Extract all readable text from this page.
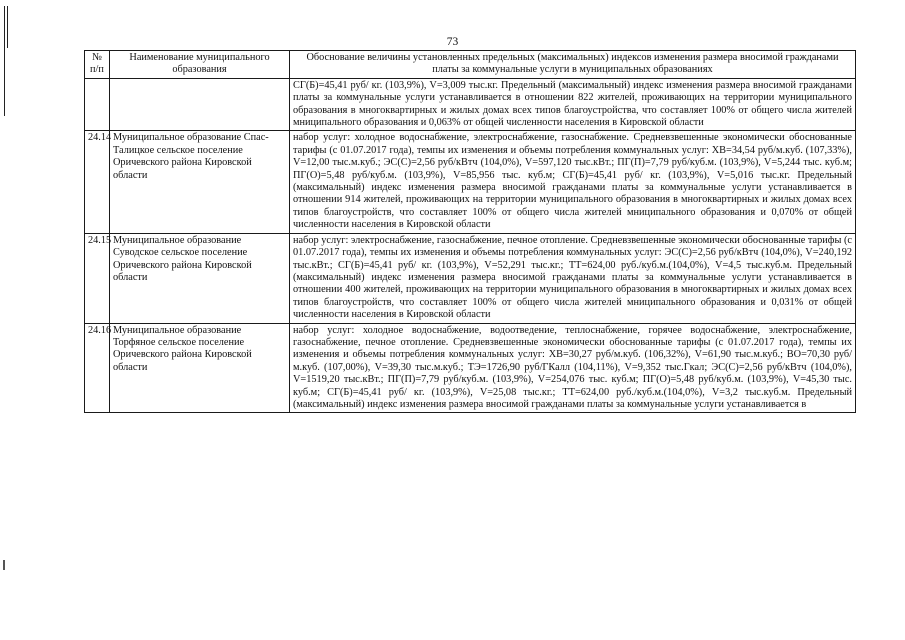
73
№ п/п	Наименование муниципального образования	Обоснование величины установленных предельных (максимальных) индексов изменения размера вносимой гражданами платы за коммунальные услуги в муниципальных образованиях
		СГ(Б)=45,41 руб/ кг. (103,9%), V=3,009 тыс.кг. Предельный (максимальный) индекс изменения размера вносимой гражданами платы за коммунальные услуги устанавливается в отношении 822 жителей, проживающих на территории муниципального образования в многоквартирных и жилых домах всех типов благоустройства, что составляет 100% от общего числа жителей мниципального образования и 0,063% от общей численности населения в Кировской области
24.14	Муниципальное образование Спас-Талицкое сельское поселение Оричевского района Кировской области	набор услуг: холодное водоснабжение, электроснабжение, газоснабжение. Средневзвешенные экономически обоснованные тарифы (с 01.07.2017 года), темпы их изменения и объемы потребления коммунальных услуг: ХВ=34,54 руб/м.куб. (107,33%), V=12,00 тыс.м.куб.; ЭС(С)=2,56 руб/кВтч (104,0%), V=597,120 тыс.кВт.; ПГ(П)=7,79 руб/куб.м. (103,9%), V=5,244 тыс. куб.м; ПГ(О)=5,48 руб/куб.м. (103,9%), V=85,956 тыс. куб.м; СГ(Б)=45,41 руб/ кг. (103,9%), V=5,016 тыс.кг. Предельный (максимальный) индекс изменения размера вносимой гражданами платы за коммунальные услуги устанавливается в отношении 914 жителей, проживающих на территории муниципального образования в многоквартирных и жилых домах всех типов благоустройств, что составляет 100% от общего числа жителей мниципального образования и 0,070% от общей численности населения в Кировской области
24.15	Муниципальное образование Суводское сельское поселение Оричевского района Кировской области	набор услуг: электроснабжение, газоснабжение, печное отопление. Средневзвешенные экономически обоснованные тарифы (с 01.07.2017 года), темпы их изменения и объемы потребления коммунальных услуг: ЭС(С)=2,56 руб/кВтч (104,0%), V=240,192 тыс.кВт.; СГ(Б)=45,41 руб/ кг. (103,9%), V=52,291 тыс.кг.; ТТ=624,00 руб./куб.м.(104,0%), V=4,5 тыс.куб.м. Предельный (максимальный) индекс изменения размера вносимой гражданами платы за коммунальные услуги устанавливается в отношении 400 жителей, проживающих на территории муниципального образования в многоквартирных и жилых домах всех типов благоустройств, что составляет 100% от общего числа жителей мниципального образования и 0,031% от общей численности населения в Кировской области
24.16	Муниципальное образование Торфяное сельское поселение Оричевского района Кировской области	набор услуг: холодное водоснабжение, водоотведение, теплоснабжение, горячее водоснабжение, электроснабжение, газоснабжение, печное отопление. Средневзвешенные экономически обоснованные тарифы (с 01.07.2017 года), темпы их изменения и объемы потребления коммунальных услуг: ХВ=30,27 руб/м.куб. (106,32%), V=61,90 тыс.м.куб.; ВО=70,30 руб/м.куб. (107,00%), V=39,30 тыс.м.куб.; ТЭ=1726,90 руб/ГКалл (104,11%), V=9,352 тыс.Гкал; ЭС(С)=2,56 руб/кВтч (104,0%), V=1519,20 тыс.кВт.; ПГ(П)=7,79 руб/куб.м. (103,9%), V=254,076 тыс. куб.м; ПГ(О)=5,48 руб/куб.м. (103,9%), V=45,30 тыс. куб.м; СГ(Б)=45,41 руб/ кг. (103,9%), V=25,08 тыс.кг.; ТТ=624,00 руб./куб.м.(104,0%), V=3,2 тыс.куб.м. Предельный (максимальный) индекс изменения размера вносимой гражданами платы за коммунальные услуги устанавливается в
